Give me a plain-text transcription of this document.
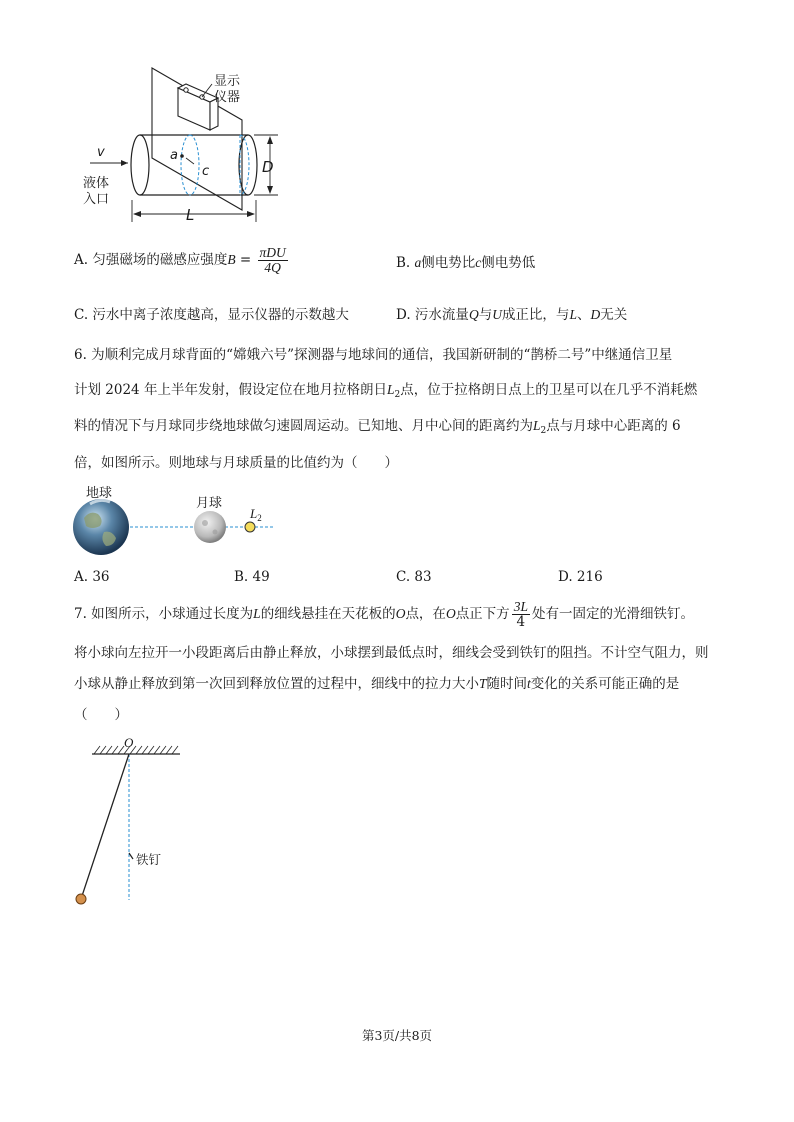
显示
仪器
v	a
c	D
L
液体
入口
A. 匀强磁场的磁感应强度$B = \frac{\text{πDU}}{4Q}$	B. a侧电势比c侧电势低
C. 污水中离子浓度越高，显示仪器的示数越大	D. 污水流量Q与U成正比，与L、D无关
6. 为顺利完成月球背面的“嫦娥六号”探测器与地球间的通信，我国新研制的“鹊桥二号”中继通信卫星
计划 2024 年上半年发射，假设定位在地月拉格朗日$L_2$点，位于拉格朗日点上的卫星可以在几乎不消耗燃
料的情况下与月球同步绕地球做匀速圆周运动。已知地、月中心间的距离约为$L_2$点与月球中心距离的 6
倍，如图所示。则地球与月球质量的比值约为（　　）
地球
月球
$L_2$
A. 36	B. 49	C. 83	D. 216
7. 如图所示，小球通过长度为L的细线悬挂在天花板的O点，在O点正下方 $\frac{3L}{4}$ 处有一固定的光滑细铁钉。
将小球向左拉开一小段距离后由静止释放，小球摆到最低点时，细线会受到铁钉的阻挡。不计空气阻力，则
小球从静止释放到第一次回到释放位置的过程中，细线中的拉力大小T随时间t变化的关系可能正确的是
（　　）
O
铁钉
第3页/共8页
